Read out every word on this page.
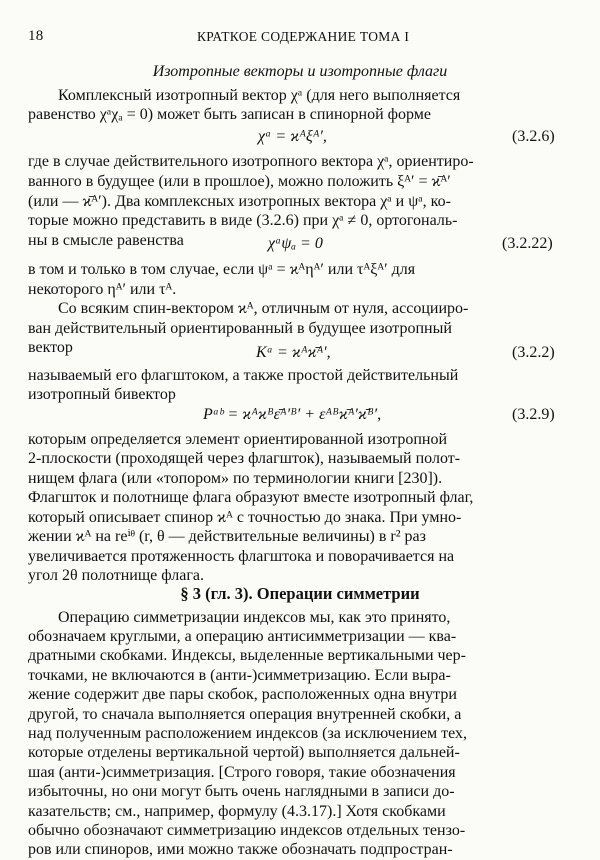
18	КРАТКОЕ СОДЕРЖАНИЕ ТОМА I
Изотропные векторы и изотропные флаги
Комплексный изотропный вектор χᵃ (для него выполняется
равенство χᵃχₐ = 0) может быть записан в спинорной форме
χᵃ = ϰᴬξᴬ′,	(3.2.6)
где в случае действительного изотропного вектора χᵃ, ориентиро-
ванного в будущее (или в прошлое), можно положить ξᴬ′ = ϰ̄ᴬ′
(или — ϰ̄ᴬ′). Два комплексных изотропных вектора χᵃ и ψᵃ, ко-
торые можно представить в виде (3.2.6) при χᵃ ≠ 0, ортогональ-
ны в смысле равенства	χᵃψₐ = 0	(3.2.22)
в том и только в том случае, если ψᵃ = ϰᴬηᴬ′ или τᴬξᴬ′ для
некоторого ηᴬ′ или τᴬ.
Со всяким спин-вектором ϰᴬ, отличным от нуля, ассоцииро-
ван действительный ориентированный в будущее изотропный
вектор	Kᵃ = ϰᴬϰ̄ᴬ′,	(3.2.2)
называемый его флагштоком, а также простой действительный
изотропный бивектор
Pᵃᵇ = ϰᴬϰᴮε̄ᴬ′ᴮ′ + εᴬᴮϰ̄ᴬ′ϰ̄ᴮ′,	(3.2.9)
которым определяется элемент ориентированной изотропной
2-плоскости (проходящей через флагшток), называемый полот-
нищем флага (или «топором» по терминологии книги [230]).
Флагшток и полотнище флага образуют вместе изотропный флаг,
который описывает спинор ϰᴬ с точностью до знака. При умно-
жении ϰᴬ на reⁱᶿ (r, θ — действительные величины) в r² раз
увеличивается протяженность флагштока и поворачивается на
угол 2θ полотнище флага.
§ 3 (гл. 3). Операции симметрии
Операцию симметризации индексов мы, как это принято,
обозначаем круглыми, а операцию антисимметризации — ква-
дратными скобками. Индексы, выделенные вертикальными чер-
точками, не включаются в (анти-)симметризацию. Если выра-
жение содержит две пары скобок, расположенных одна внутри
другой, то сначала выполняется операция внутренней скобки, а
над полученным расположением индексов (за исключением тех,
которые отделены вертикальной чертой) выполняется дальней-
шая (анти-)симметризация. [Строго говоря, такие обозначения
избыточны, но они могут быть очень наглядными в записи до-
казательств; см., например, формулу (4.3.17).] Хотя скобками
обычно обозначают симметризацию индексов отдельных тензо-
ров или спиноров, ими можно также обозначать подпростран-
